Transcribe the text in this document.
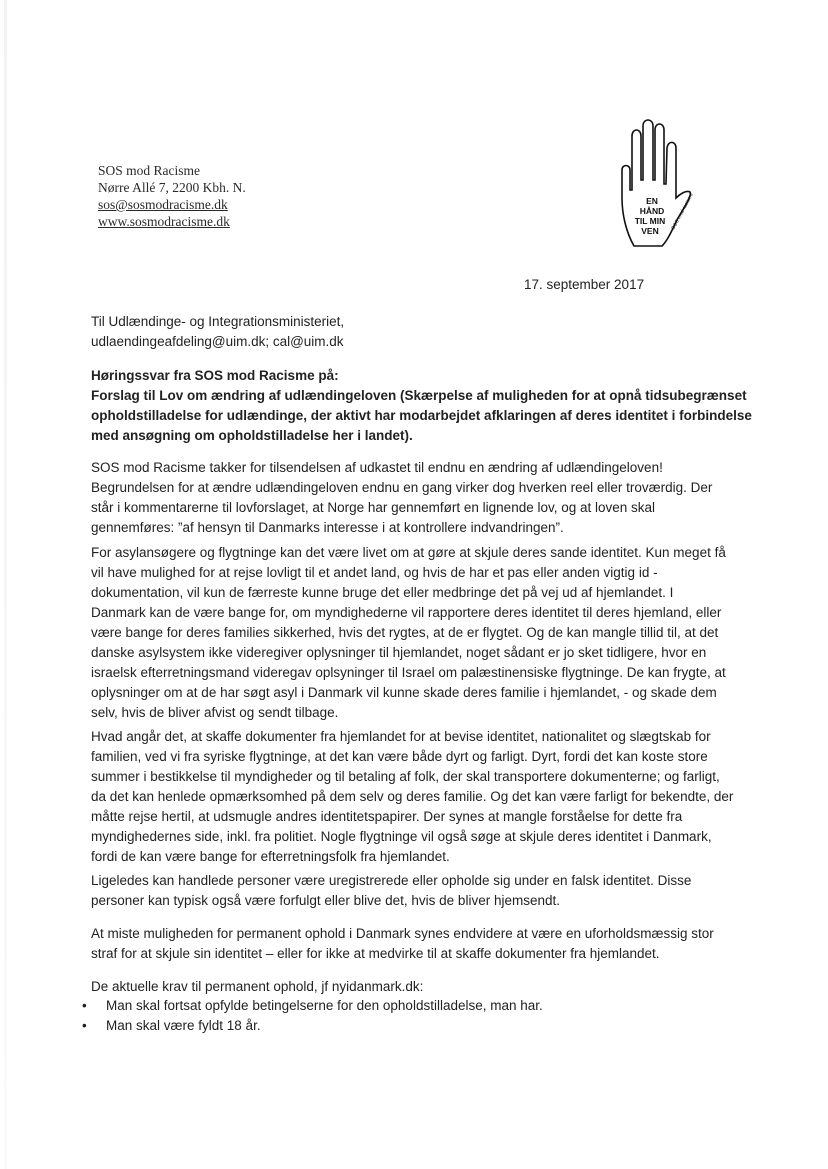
SOS mod Racisme
Nørre Allé 7, 2200 Kbh. N.
sos@sosmodracisme.dk
www.sosmodracisme.dk
EN
HÅND
TIL MIN
VEN
SOS mod racisme
17. september 2017
Til Udlændinge- og Integrationsministeriet,
udlaendingeafdeling@uim.dk; cal@uim.dk
Høringssvar fra SOS mod Racisme på:
Forslag til Lov om ændring af udlændingeloven (Skærpelse af muligheden for at opnå tidsubegrænset
opholdstilladelse for udlændinge, der aktivt har modarbejdet afklaringen af deres identitet i forbindelse
med ansøgning om opholdstilladelse her i landet).
SOS mod Racisme takker for tilsendelsen af udkastet til endnu en ændring af udlændingeloven!
Begrundelsen for at ændre udlændingeloven endnu en gang virker dog hverken reel eller troværdig. Der
står i kommentarerne til lovforslaget, at Norge har gennemført en lignende lov, og at loven skal
gennemføres: ”af hensyn til Danmarks interesse i at kontrollere indvandringen”.
For asylansøgere og flygtninge kan det være livet om at gøre at skjule deres sande identitet. Kun meget få
vil have mulighed for at rejse lovligt til et andet land, og hvis de har et pas eller anden vigtig id -
dokumentation, vil kun de færreste kunne bruge det eller medbringe det på vej ud af hjemlandet. I
Danmark kan de være bange for, om myndighederne vil rapportere deres identitet til deres hjemland, eller
være bange for deres families sikkerhed, hvis det rygtes, at de er flygtet. Og de kan mangle tillid til, at det
danske asylsystem ikke videregiver oplysninger til hjemlandet, noget sådant er jo sket tidligere, hvor en
israelsk efterretningsmand videregav oplsyninger til Israel om palæstinensiske flygtninge. De kan frygte, at
oplysninger om at de har søgt asyl i Danmark vil kunne skade deres familie i hjemlandet, - og skade dem
selv, hvis de bliver afvist og sendt tilbage.
Hvad angår det, at skaffe dokumenter fra hjemlandet for at bevise identitet, nationalitet og slægtskab for
familien, ved vi fra syriske flygtninge, at det kan være både dyrt og farligt. Dyrt, fordi det kan koste store
summer i bestikkelse til myndigheder og til betaling af folk, der skal transportere dokumenterne; og farligt,
da det kan henlede opmærksomhed på dem selv og deres familie. Og det kan være farligt for bekendte, der
måtte rejse hertil, at udsmugle andres identitetspapirer. Der synes at mangle forståelse for dette fra
myndighedernes side, inkl. fra politiet. Nogle flygtninge vil også søge at skjule deres identitet i Danmark,
fordi de kan være bange for efterretningsfolk fra hjemlandet.
Ligeledes kan handlede personer være uregistrerede eller opholde sig under en falsk identitet. Disse
personer kan typisk også være forfulgt eller blive det, hvis de bliver hjemsendt.
At miste muligheden for permanent ophold i Danmark synes endvidere at være en uforholdsmæssig stor
straf for at skjule sin identitet – eller for ikke at medvirke til at skaffe dokumenter fra hjemlandet.
De aktuelle krav til permanent ophold, jf nyidanmark.dk:
•	Man skal fortsat opfylde betingelserne for den opholdstilladelse, man har.
•	Man skal være fyldt 18 år.
